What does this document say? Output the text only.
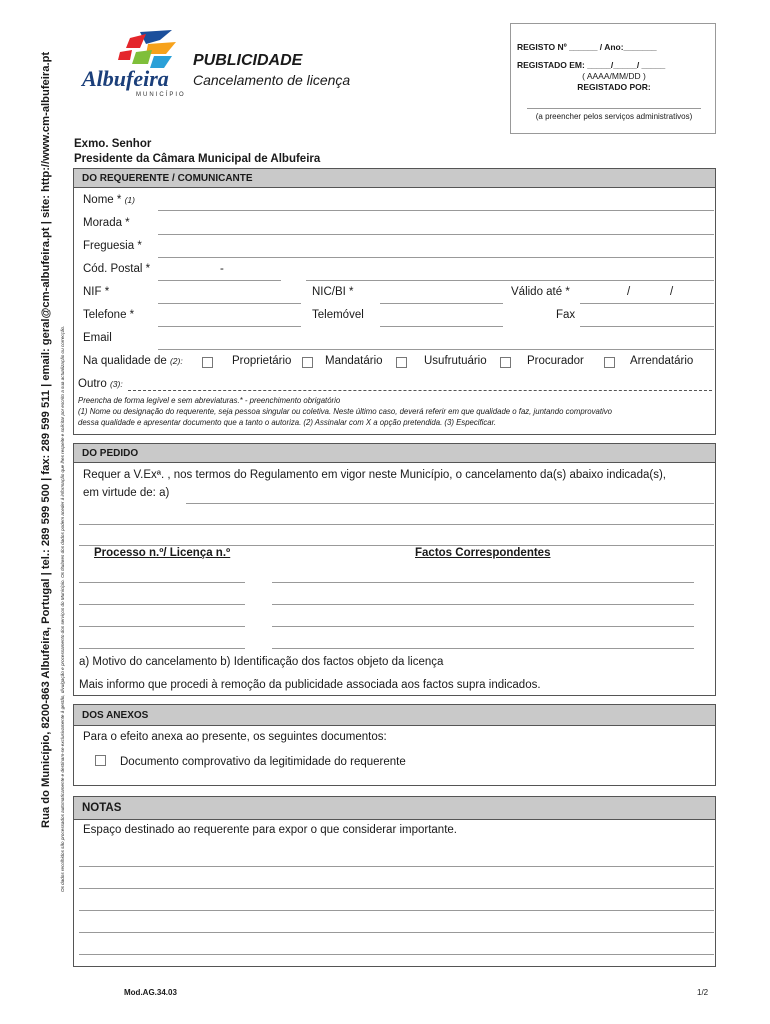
Rua do Município, 8200-863 Albufeira, Portugal | tel.: 289 599 500 | fax: 289 599 511 | email: geral@cm-albufeira.pt | site: http://www.cm-albufeira.pt Os dados recolhidos são processados automaticamente e destinam-se exclusivamente à gestão, divulgação e processamento dos serviços do Município. Os titulares dos dados podem aceder à informação que lhes respeite e solicitar por escrito a sua actualização ou correcção.
Albufeira
MUNICÍPIO
PUBLICIDADE
Cancelamento de licença
REGISTO Nº ______ / Ano:_______
REGISTADO EM: _____/_____/ _____
( AAAA/MM/DD )
REGISTADO POR:
(a preencher pelos serviços administrativos)
Exmo. Senhor
Presidente da Câmara Municipal de Albufeira
DO REQUERENTE / COMUNICANTE
Nome * (1)
Morada *
Freguesia *
Cód. Postal *	-
NIF *	NIC/BI *	Válido até *	/	/
Telefone *	Telemóvel	Fax
Email
Na qualidade de (2):	Proprietário	Mandatário	Usufrutuário	Procurador	Arrendatário
Outro (3):
Preencha de forma legível e sem abreviaturas.* - preenchimento obrigatório
(1) Nome ou designação do requerente, seja pessoa singular ou coletiva. Neste último caso, deverá referir em que qualidade o faz, juntando comprovativo
dessa qualidade e apresentar documento que a tanto o autoriza. (2) Assinalar com X a opção pretendida. (3) Especificar.
DO PEDIDO
Requer a V.Exª. , nos termos do Regulamento em vigor neste Município, o cancelamento da(s) abaixo indicada(s),
em virtude de: a)
Processo n.º/ Licença n.º	Factos Correspondentes
a) Motivo do cancelamento b) Identificação dos factos objeto da licença
Mais informo que procedi à remoção da publicidade associada aos factos supra indicados.
DOS ANEXOS
Para o efeito anexa ao presente, os seguintes documentos:
Documento comprovativo da legitimidade do requerente
NOTAS
Espaço destinado ao requerente para expor o que considerar importante.
Mod.AG.34.03	1/2
